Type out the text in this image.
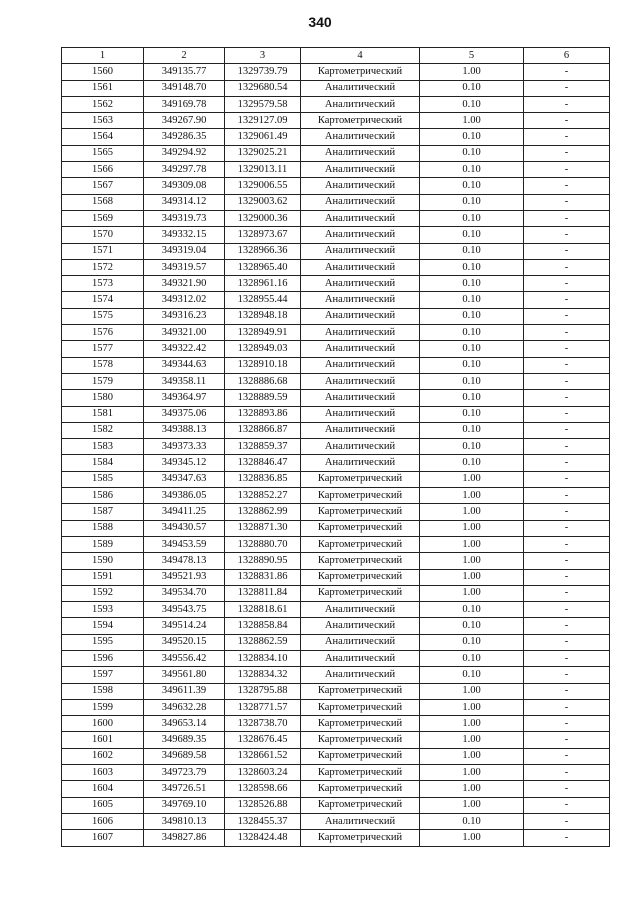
340
1	2	3	4	5	6
1560	349135.77	1329739.79	Картометрический	1.00	-
1561	349148.70	1329680.54	Аналитический	0.10	-
1562	349169.78	1329579.58	Аналитический	0.10	-
1563	349267.90	1329127.09	Картометрический	1.00	-
1564	349286.35	1329061.49	Аналитический	0.10	-
1565	349294.92	1329025.21	Аналитический	0.10	-
1566	349297.78	1329013.11	Аналитический	0.10	-
1567	349309.08	1329006.55	Аналитический	0.10	-
1568	349314.12	1329003.62	Аналитический	0.10	-
1569	349319.73	1329000.36	Аналитический	0.10	-
1570	349332.15	1328973.67	Аналитический	0.10	-
1571	349319.04	1328966.36	Аналитический	0.10	-
1572	349319.57	1328965.40	Аналитический	0.10	-
1573	349321.90	1328961.16	Аналитический	0.10	-
1574	349312.02	1328955.44	Аналитический	0.10	-
1575	349316.23	1328948.18	Аналитический	0.10	-
1576	349321.00	1328949.91	Аналитический	0.10	-
1577	349322.42	1328949.03	Аналитический	0.10	-
1578	349344.63	1328910.18	Аналитический	0.10	-
1579	349358.11	1328886.68	Аналитический	0.10	-
1580	349364.97	1328889.59	Аналитический	0.10	-
1581	349375.06	1328893.86	Аналитический	0.10	-
1582	349388.13	1328866.87	Аналитический	0.10	-
1583	349373.33	1328859.37	Аналитический	0.10	-
1584	349345.12	1328846.47	Аналитический	0.10	-
1585	349347.63	1328836.85	Картометрический	1.00	-
1586	349386.05	1328852.27	Картометрический	1.00	-
1587	349411.25	1328862.99	Картометрический	1.00	-
1588	349430.57	1328871.30	Картометрический	1.00	-
1589	349453.59	1328880.70	Картометрический	1.00	-
1590	349478.13	1328890.95	Картометрический	1.00	-
1591	349521.93	1328831.86	Картометрический	1.00	-
1592	349534.70	1328811.84	Картометрический	1.00	-
1593	349543.75	1328818.61	Аналитический	0.10	-
1594	349514.24	1328858.84	Аналитический	0.10	-
1595	349520.15	1328862.59	Аналитический	0.10	-
1596	349556.42	1328834.10	Аналитический	0.10	-
1597	349561.80	1328834.32	Аналитический	0.10	-
1598	349611.39	1328795.88	Картометрический	1.00	-
1599	349632.28	1328771.57	Картометрический	1.00	-
1600	349653.14	1328738.70	Картометрический	1.00	-
1601	349689.35	1328676.45	Картометрический	1.00	-
1602	349689.58	1328661.52	Картометрический	1.00	-
1603	349723.79	1328603.24	Картометрический	1.00	-
1604	349726.51	1328598.66	Картометрический	1.00	-
1605	349769.10	1328526.88	Картометрический	1.00	-
1606	349810.13	1328455.37	Аналитический	0.10	-
1607	349827.86	1328424.48	Картометрический	1.00	-
